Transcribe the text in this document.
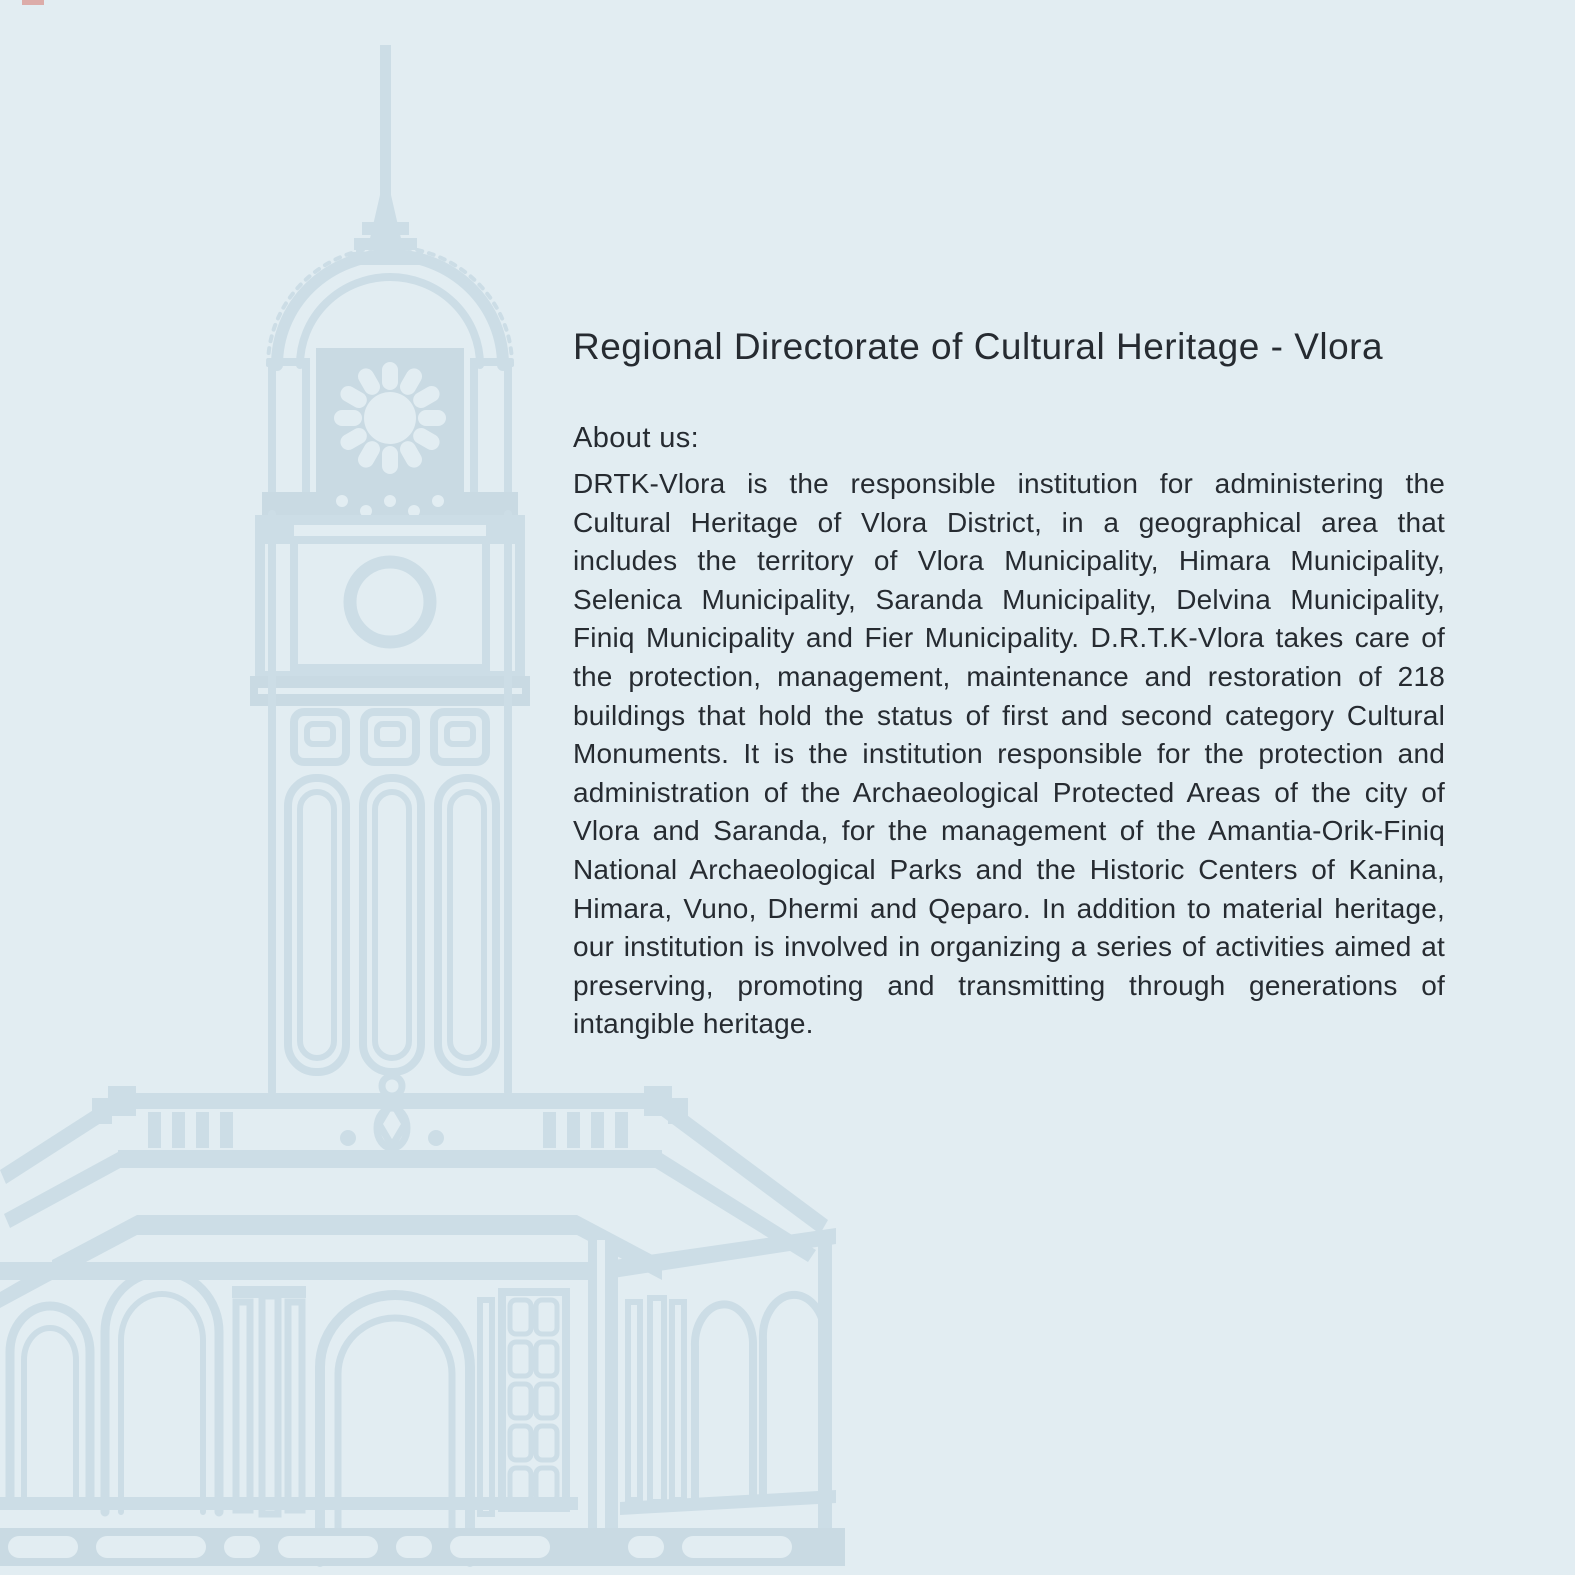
Regional Directorate of Cultural Heritage - Vlora
About us:
DRTK-Vlora is the responsible institution for administering the Cultural Heritage of Vlora District, in a geographical area that includes the territory of Vlora Municipality, Himara Municipality, Selenica Municipality, Saranda Municipality, Delvina Municipality, Finiq Municipality and Fier Municipality. D.R.T.K-Vlora takes care of the protection, management, maintenance and restoration of 218 buildings that hold the status of first and second category Cultural Monuments. It is the institution responsible for the protection and administration of the Archaeological Protected Areas of the city of Vlora and Saranda, for the management of the Amantia-Orik-Finiq National Archaeological Parks and the Historic Centers of Kanina, Himara, Vuno, Dhermi and Qeparo. In addition to material heritage, our institution is involved in organizing a series of activities aimed at preserving, promoting and transmitting through generations of intangible heritage.
